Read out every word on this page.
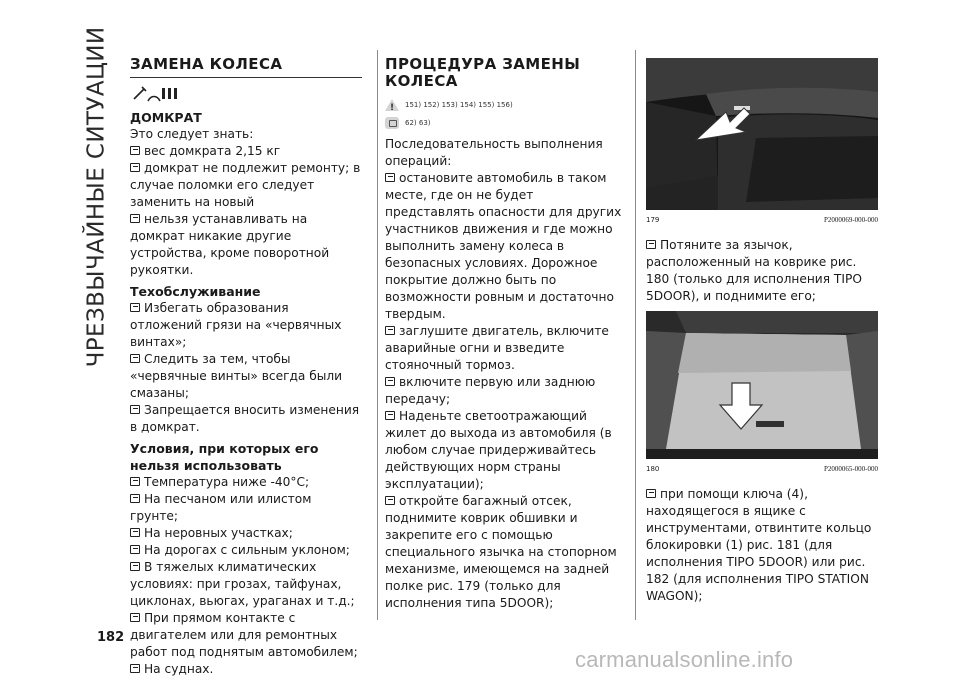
ЧРЕЗВЫЧАЙНЫЕ СИТУАЦИИ ЗАМЕНА КОЛЕСА
ДОМКРАТ

Это следует знать:

вес домкрата 2,15 кг

домкрат не подлежит ремонту; в случае поломки его следует заменить на новый

нельзя устанавливать на домкрат никакие другие устройства, кроме поворотной рукоятки.

Техобслуживание

Избегать образования отложений грязи на «червячных винтах»;

Следить за тем, чтобы «червячные винты» всегда были смазаны;

Запрещается вносить изменения в домкрат.

Условия, при которых его нельзя использовать

Температура ниже -40°C;

На песчаном или илистом грунте;

На неровных участках;

На дорогах с сильным уклоном;

В тяжелых климатических условиях: при грозах, тайфунах, циклонах, вьюгах, ураганах и т.д.;

При прямом контакте с двигателем или для ремонтных работ под поднятым автомобилем;

На суднах.

ПРОЦЕДУРА ЗАМЕНЫ КОЛЕСА
!
151) 152) 153) 154) 155) 156)
62) 63)

Последовательность выполнения операций:

остановите автомобиль в таком месте, где он не будет представлять опасности для других участников движения и где можно выполнить замену колеса в безопасных условиях. Дорожное покрытие должно быть по возможности ровным и достаточно твердым.

заглушите двигатель, включите аварийные огни и взведите стояночный тормоз.

включите первую или заднюю передачу;

Наденьте светоотражающий жилет до выхода из автомобиля (в любом случае придерживайтесь действующих норм страны эксплуатации);

откройте багажный отсек, поднимите коврик обшивки и закрепите его с помощью специального язычка на стопорном механизме, имеющемся на задней полке рис. 179 (только для исполнения типа 5DOOR);

179	P2000069-000-000

Потяните за язычок, расположенный на коврике рис. 180 (только для исполнения TIPO 5DOOR), и поднимите его;

180	P2000065-000-000

при помощи ключа (4), находящегося в ящике с инструментами, отвинтите кольцо блокировки (1) рис. 181 (для исполнения TIPO 5DOOR) или рис. 182 (для исполнения TIPO STATION WAGON);

182
carmanualsonline.info
